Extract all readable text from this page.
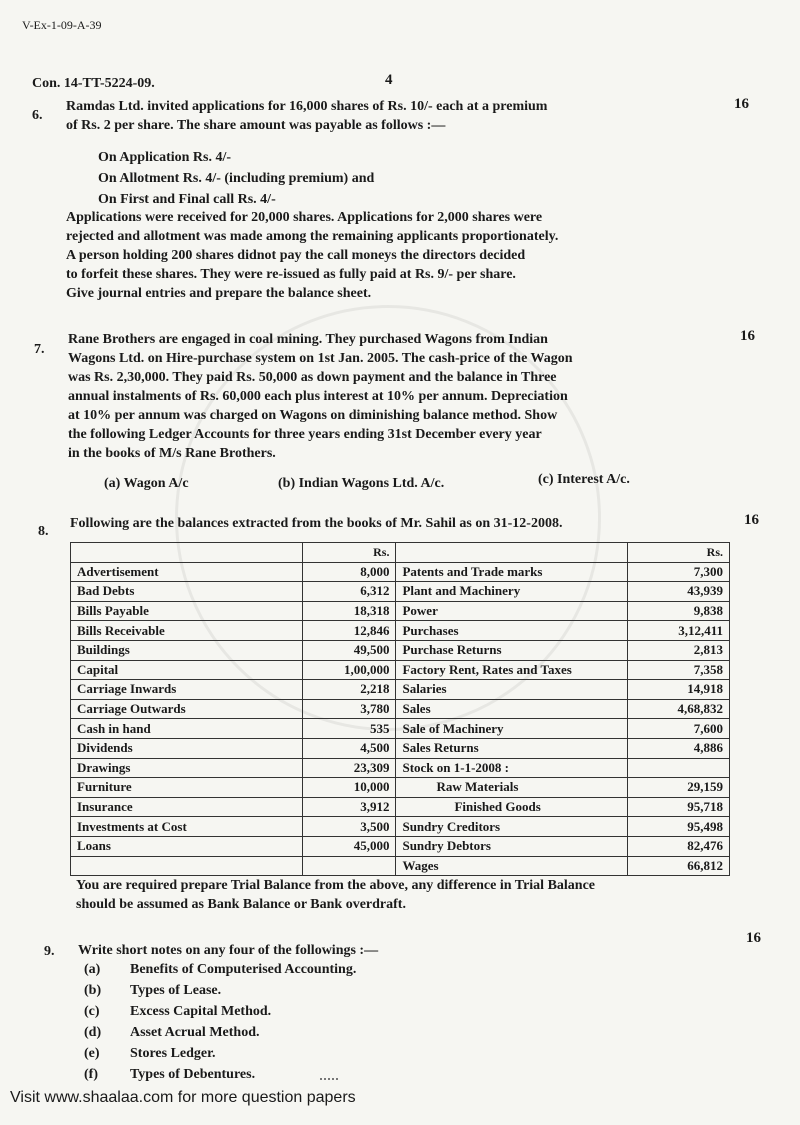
V-Ex-1-09-A-39
Con. 14-TT-5224-09.	4
6.
16
Ramdas Ltd. invited applications for 16,000 shares of Rs. 10/- each at a premium
of Rs. 2 per share. The share amount was payable as follows :—
On Application Rs. 4/-
On Allotment Rs. 4/- (including premium) and
On First and Final call Rs. 4/-
Applications were received for 20,000 shares. Applications for 2,000 shares were
rejected and allotment was made among the remaining applicants proportionately.
A person holding 200 shares didnot pay the call moneys the directors decided
to forfeit these shares. They were re-issued as fully paid at Rs. 9/- per share.
Give journal entries and prepare the balance sheet.
7.
16
Rane Brothers are engaged in coal mining. They purchased Wagons from Indian
Wagons Ltd. on Hire-purchase system on 1st Jan. 2005. The cash-price of the Wagon
was Rs. 2,30,000. They paid Rs. 50,000 as down payment and the balance in Three
annual instalments of Rs. 60,000 each plus interest at 10% per annum. Depreciation
at 10% per annum was charged on Wagons on diminishing balance method. Show
the following Ledger Accounts for three years ending 31st December every year
in the books of M/s Rane Brothers.
(a) Wagon A/c	(b) Indian Wagons Ltd. A/c.	(c) Interest A/c.
8.
16
Following are the balances extracted from the books of Mr. Sahil as on 31-12-2008.
	Rs.		Rs.
Advertisement	8,000	Patents and Trade marks	7,300
Bad Debts	6,312	Plant and Machinery	43,939
Bills Payable	18,318	Power	9,838
Bills Receivable	12,846	Purchases	3,12,411
Buildings	49,500	Purchase Returns	2,813
Capital	1,00,000	Factory Rent, Rates and Taxes	7,358
Carriage Inwards	2,218	Salaries	14,918
Carriage Outwards	3,780	Sales	4,68,832
Cash in hand	535	Sale of Machinery	7,600
Dividends	4,500	Sales Returns	4,886
Drawings	23,309	Stock on 1-1-2008 :	
Furniture	10,000	Raw Materials	29,159
Insurance	3,912	Finished Goods	95,718
Investments at Cost	3,500	Sundry Creditors	95,498
Loans	45,000	Sundry Debtors	82,476
		Wages	66,812
You are required prepare Trial Balance from the above, any difference in Trial Balance
should be assumed as Bank Balance or Bank overdraft.
9.
16
Write short notes on any four of the followings :—
(a) Benefits of Computerised Accounting.
(b) Types of Lease.
(c) Excess Capital Method.
(d) Asset Acrual Method.
(e) Stores Ledger.
(f) Types of Debentures.
Visit www.shaalaa.com for more question papers
